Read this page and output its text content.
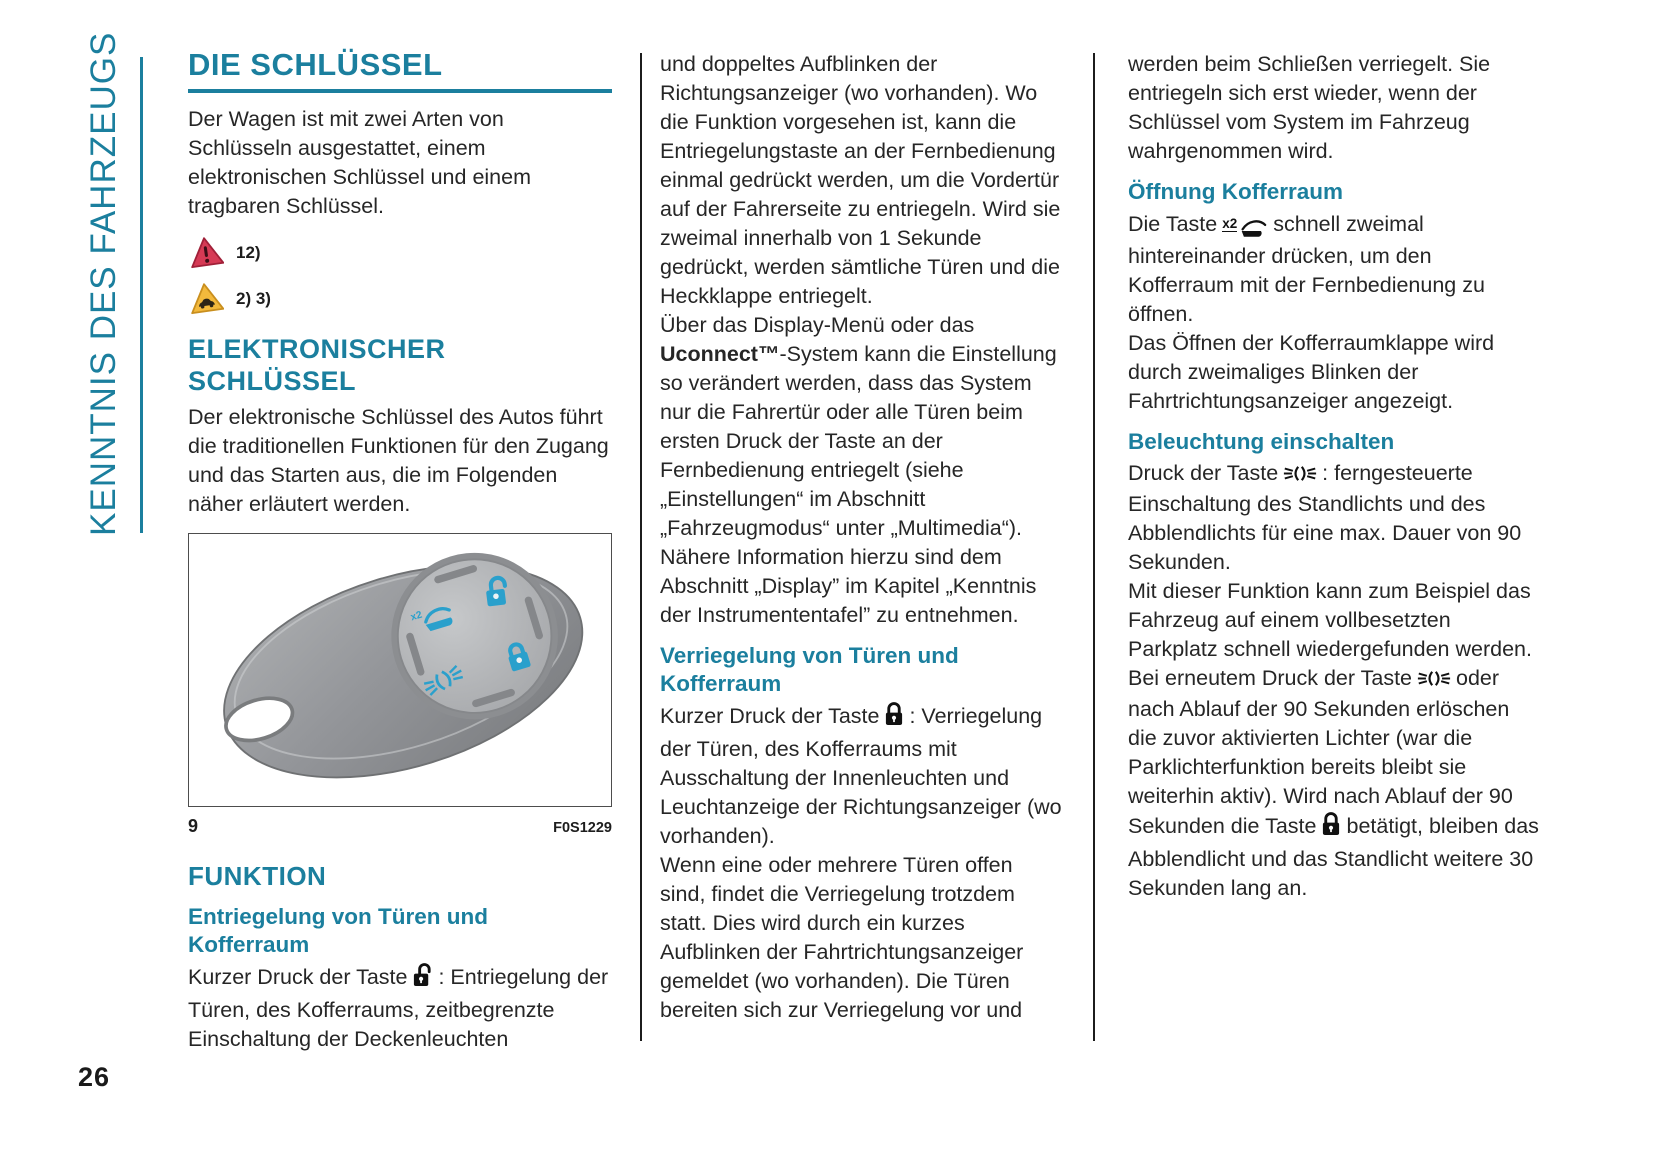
KENNTNIS DES FAHRZEUGS DIE SCHLÜSSEL

Der Wagen ist mit zwei Arten von Schlüsseln ausgestattet, einem elektronischen Schlüssel und einem tragbaren Schlüssel.

12)
2) 3)
ELEKTRONISCHER
SCHLÜSSEL

Der elektronische Schlüssel des Autos führt die traditionellen Funktionen für den Zugang und das Starten aus, die im Folgenden näher erläutert werden.

x2
9	F0S1229
FUNKTION
Entriegelung von Türen und Kofferraum

Kurzer Druck der Taste : Entriegelung der Türen, des Kofferraums, zeitbegrenzte Einschaltung der Deckenleuchten

und doppeltes Aufblinken der Richtungsanzeiger (wo vorhanden). Wo die Funktion vorgesehen ist, kann die Entriegelungstaste an der Fernbedienung einmal gedrückt werden, um die Vordertür auf der Fahrerseite zu entriegeln. Wird sie zweimal innerhalb von 1 Sekunde gedrückt, werden sämtliche Türen und die Heckklappe entriegelt.

Über das Display-Menü oder das Uconnect™-System kann die Einstellung so verändert werden, dass das System nur die Fahrertür oder alle Türen beim ersten Druck der Taste an der Fernbedienung entriegelt (siehe „Einstellungen“ im Abschnitt „Fahrzeugmodus“ unter „Multimedia“). Nähere Information hierzu sind dem Abschnitt „Display” im Kapitel „Kenntnis der Instrumententafel” zu entnehmen.

Verriegelung von Türen und Kofferraum

Kurzer Druck der Taste : Verriegelung der Türen, des Kofferraums mit Ausschaltung der Innenleuchten und Leuchtanzeige der Richtungsanzeiger (wo vorhanden).

Wenn eine oder mehrere Türen offen sind, findet die Verriegelung trotzdem statt. Dies wird durch ein kurzes Aufblinken der Fahrtrichtungsanzeiger gemeldet (wo vorhanden). Die Türen bereiten sich zur Verriegelung vor und

werden beim Schließen verriegelt. Sie entriegeln sich erst wieder, wenn der Schlüssel vom System im Fahrzeug wahrgenommen wird.

Öffnung Kofferraum

Die Taste $^{x2}$ schnell zweimal hintereinander drücken, um den Kofferraum mit der Fernbedienung zu öffnen.

Das Öffnen der Kofferraumklappe wird durch zweimaliges Blinken der Fahrtrichtungsanzeiger angezeigt.

Beleuchtung einschalten

Druck der Taste : ferngesteuerte Einschaltung des Standlichts und des Abblendlichts für eine max. Dauer von 90 Sekunden.

Mit dieser Funktion kann zum Beispiel das Fahrzeug auf einem vollbesetzten Parkplatz schnell wiedergefunden werden.

Bei erneutem Druck der Taste oder nach Ablauf der 90 Sekunden erlöschen die zuvor aktivierten Lichter (war die Parklichterfunktion bereits bleibt sie weiterhin aktiv). Wird nach Ablauf der 90 Sekunden die Taste betätigt, bleiben das Abblendlicht und das Standlicht weitere 30 Sekunden lang an.

26
